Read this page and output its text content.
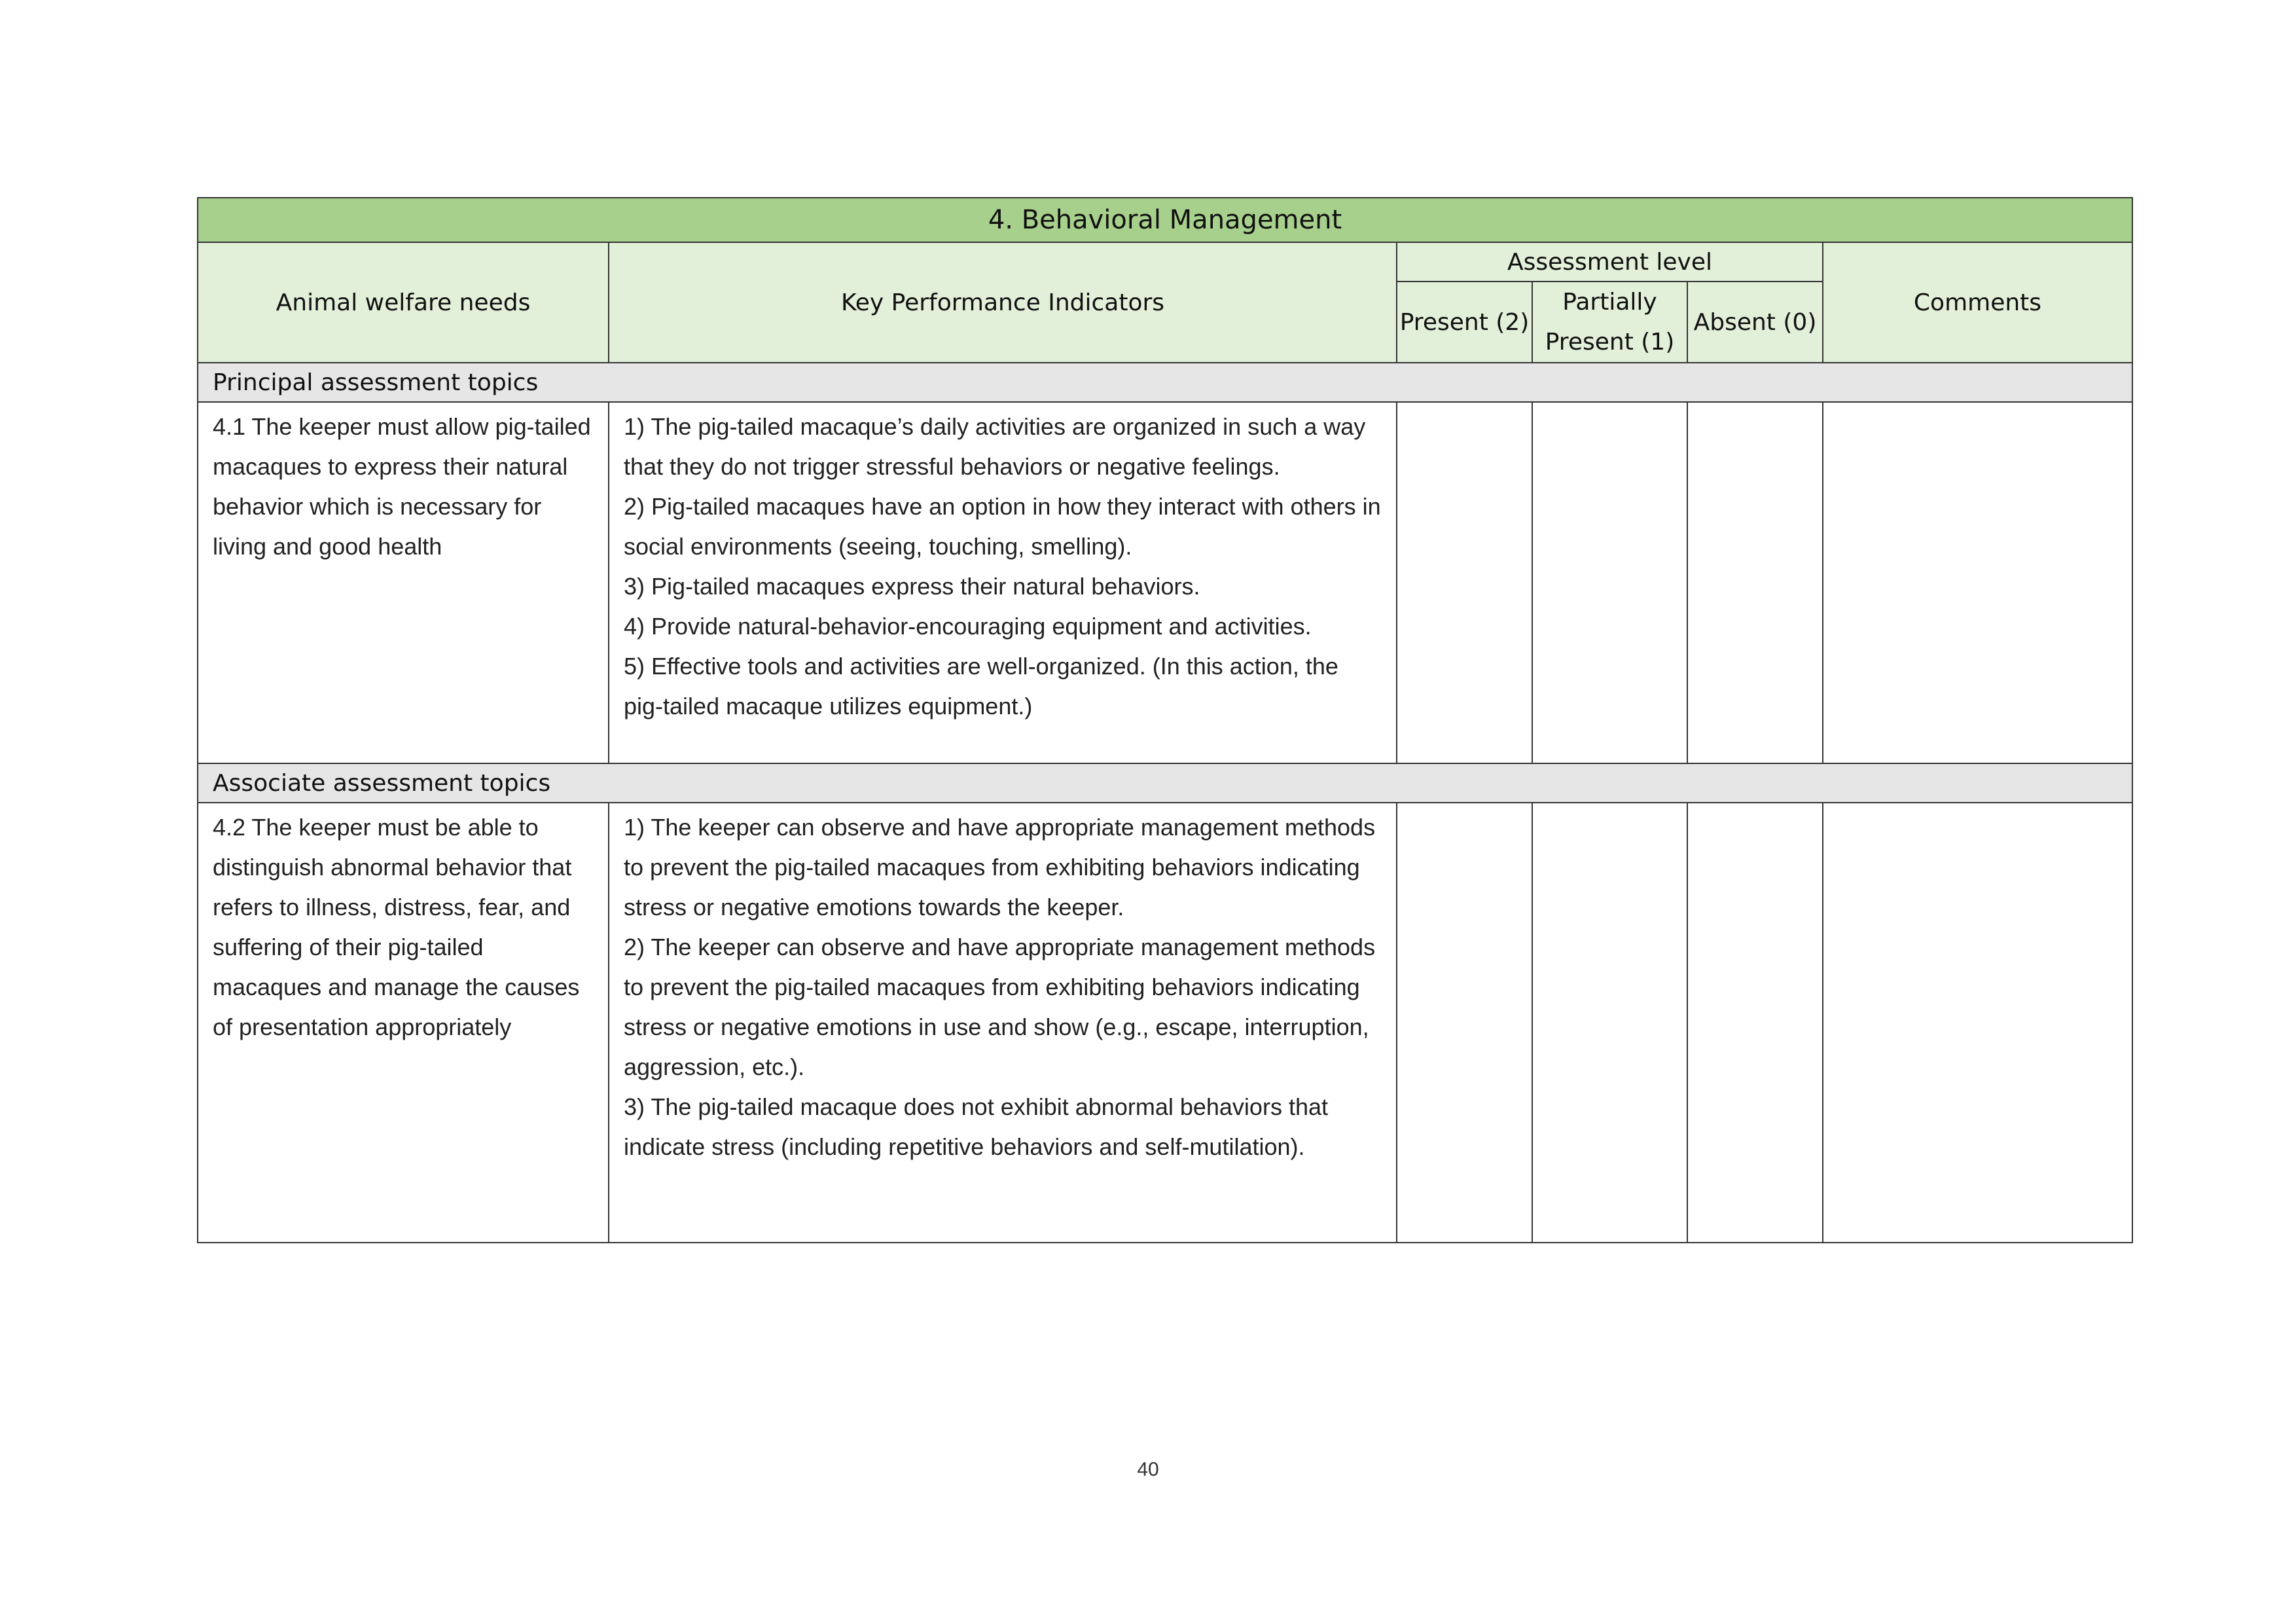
4. Behavioral Management					
Animal welfare needs	Key Performance Indicators	Assessment level			Comments
		Present (2)	Partially Present (1)	Absent (0)	
Principal assessment topics					
4.1 The keeper must allow pig-tailed macaques to express their natural behavior which is necessary for living and good health	1) The pig-tailed macaque’s daily activities are organized in such a way that they do not trigger stressful behaviors or negative feelings.
2) Pig-tailed macaques have an option in how they interact with others in social environments (seeing, touching, smelling).
3) Pig-tailed macaques express their natural behaviors.
4) Provide natural-behavior-encouraging equipment and activities.
5) Effective tools and activities are well-organized. (In this action, the pig-tailed macaque utilizes equipment.)				

Associate assessment topics					
4.2 The keeper must be able to distinguish abnormal behavior that refers to illness, distress, fear, and suffering of their pig-tailed macaques and manage the causes of presentation appropriately	1) The keeper can observe and have appropriate management methods to prevent the pig-tailed macaques from exhibiting behaviors indicating stress or negative emotions towards the keeper.
2) The keeper can observe and have appropriate management methods to prevent the pig-tailed macaques from exhibiting behaviors indicating stress or negative emotions in use and show (e.g., escape, interruption, aggression, etc.).
3) The pig-tailed macaque does not exhibit abnormal behaviors that indicate stress (including repetitive behaviors and self-mutilation).				

40
